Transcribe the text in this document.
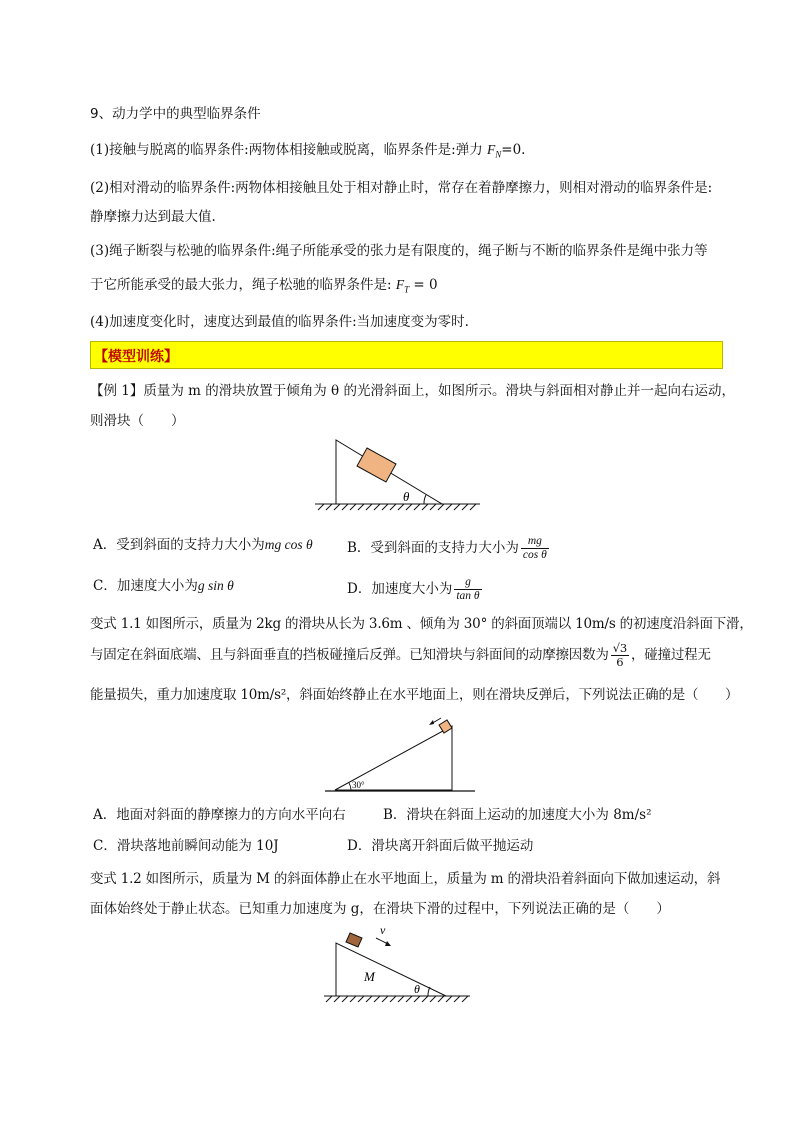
9、动力学中的典型临界条件
(1)接触与脱离的临界条件:两物体相接触或脱离，临界条件是:弹力 $F_N=0$.
(2)相对滑动的临界条件:两物体相接触且处于相对静止时，常存在着静摩擦力，则相对滑动的临界条件是:
静摩擦力达到最大值.
(3)绳子断裂与松驰的临界条件:绳子所能承受的张力是有限度的，绳子断与不断的临界条件是绳中张力等
于它所能承受的最大张力，绳子松驰的临界条件是: $F_T = 0$
(4)加速度变化时，速度达到最值的临界条件:当加速度变为零时.
【模型训练】
【例 1】质量为 m 的滑块放置于倾角为 θ 的光滑斜面上，如图所示。滑块与斜面相对静止并一起向右运动，
则滑块（　　）
θ
A．受到斜面的支持力大小为mg cos θ	B．受到斜面的支持力大小为 $\frac{mg}{\text{cos θ}}$
C．加速度大小为g sin θ	D．加速度大小为 $\frac{g}{\text{tan θ}}$
变式 1.1 如图所示，质量为 2kg 的滑块从长为 3.6m 、倾角为 30° 的斜面顶端以 10m/s 的初速度沿斜面下滑，
与固定在斜面底端、且与斜面垂直的挡板碰撞后反弹。已知滑块与斜面间的动摩擦因数为 $\frac{√3}{6}$ ，碰撞过程无
能量损失，重力加速度取 10m/s²，斜面始终静止在水平地面上，则在滑块反弹后，下列说法正确的是（　　）
30°
A．地面对斜面的静摩擦力的方向水平向右	B．滑块在斜面上运动的加速度大小为 8m/s²
C．滑块落地前瞬间动能为 10J	D．滑块离开斜面后做平抛运动
变式 1.2 如图所示，质量为 M 的斜面体静止在水平地面上，质量为 m 的滑块沿着斜面向下做加速运动，斜
面体始终处于静止状态。已知重力加速度为 g，在滑块下滑的过程中，下列说法正确的是（　　）
v
M
θ
